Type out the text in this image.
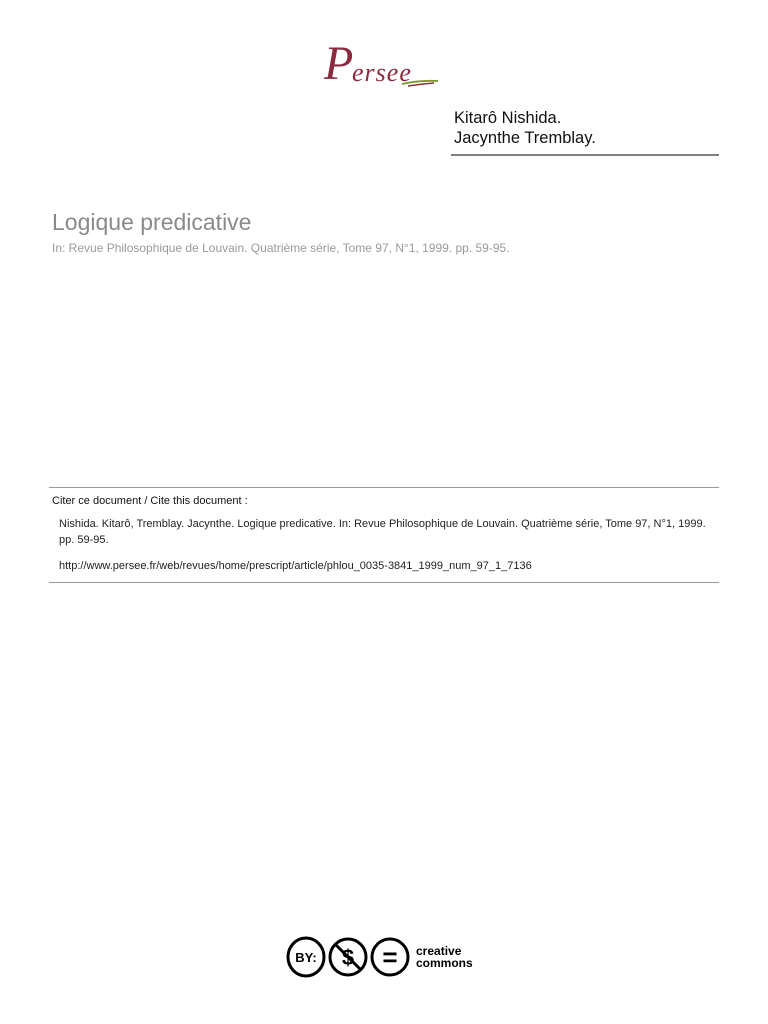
P
ersee
Kitarô Nishida.
Jacynthe Tremblay.
Logique predicative
In: Revue Philosophique de Louvain. Quatrième série, Tome 97, N°1, 1999. pp. 59-95.
Citer ce document / Cite this document :
Nishida. Kitarô, Tremblay. Jacynthe. Logique predicative. In: Revue Philosophique de Louvain. Quatrième série, Tome 97, N°1, 1999. pp. 59-95.
http://www.persee.fr/web/revues/home/prescript/article/phlou_0035-3841_1999_num_97_1_7136
BY: $ = creative
commons
